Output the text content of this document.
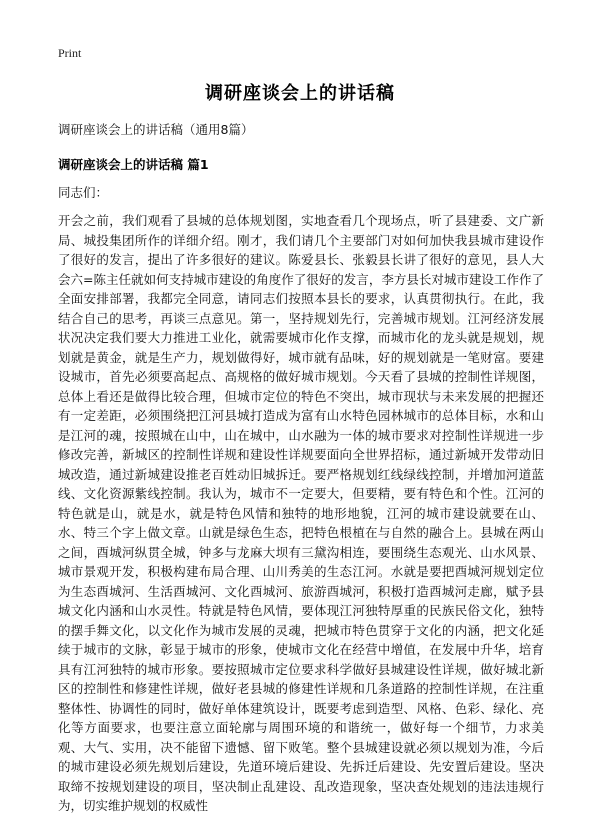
Print
调研座谈会上的讲话稿
调研座谈会上的讲话稿（通用8篇）
调研座谈会上的讲话稿 篇1
同志们：
开会之前，我们观看了县城的总体规划图，实地查看几个现场点，听了县建委、文广新局、城投集团所作的详细介绍。刚才，我们请几个主要部门对如何加快我县城市建设作了很好的发言，提出了许多很好的建议。陈爱县长、张毅县长讲了很好的意见，县人大会六=陈主任就如何支持城市建设的角度作了很好的发言，李方县长对城市建设工作作了全面安排部署，我都完全同意，请同志们按照本县长的要求，认真贯彻执行。在此，我结合自己的思考，再谈三点意见。第一，坚持规划先行，完善城市规划。江河经济发展状况决定我们要大力推进工业化，就需要城市化作支撑，而城市化的龙头就是规划，规划就是黄金，就是生产力，规划做得好，城市就有品味，好的规划就是一笔财富。要建设城市，首先必须要高起点、高规格的做好城市规划。今天看了县城的控制性详规图，总体上看还是做得比较合理，但城市定位的特色不突出，城市现状与未来发展的把握还有一定差距，必须围绕把江河县城打造成为富有山水特色园林城市的总体目标，水和山是江河的魂，按照城在山中，山在城中，山水融为一体的城市要求对控制性详规进一步修改完善，新城区的控制性详规和建设性详规要面向全世界招标，通过新城开发带动旧城改造，通过新城建设推老百姓动旧城拆迁。要严格规划红线绿线控制，并增加河道蓝线、文化资源紫线控制。我认为，城市不一定要大，但要精，要有特色和个性。江河的特色就是山，就是水，就是特色风情和独特的地形地貌，江河的城市建设就要在山、水、特三个字上做文章。山就是绿色生态，把特色根植在与自然的融合上。县城在两山之间，酉城河纵贯全城，钟多与龙麻大坝有三黛沟相连，要围绕生态观光、山水风景、城市景观开发，积极构建布局合理、山川秀美的生态江河。水就是要把酉城河规划定位为生态酉城河、生活酉城河、文化酉城河、旅游酉城河，积极打造酉城河走廊，赋予县城文化内涵和山水灵性。特就是特色风情，要体现江河独特厚重的民族民俗文化，独特的摆手舞文化，以文化作为城市发展的灵魂，把城市特色贯穿于文化的内涵，把文化延续于城市的文脉，彰显于城市的形象，使城市文化在经营中增值，在发展中升华，培育具有江河独特的城市形象。要按照城市定位要求科学做好县城建设性详规，做好城北新区的控制性和修建性详规，做好老县城的修建性详规和几条道路的控制性详规，在注重整体性、协调性的同时，做好单体建筑设计，既要考虑到造型、风格、色彩、绿化、亮化等方面要求，也要注意立面轮廓与周围环境的和谐统一，做好每一个细节，力求美观、大气、实用，决不能留下遗憾、留下败笔。整个县城建设就必须以规划为准，今后的城市建设必须先规划后建设，先道环境后建设、先拆迁后建设、先安置后建设。坚决取缔不按规划建设的项目，坚决制止乱建设、乱改造现象，坚决查处规划的违法违规行为，切实维护规划的权威性
